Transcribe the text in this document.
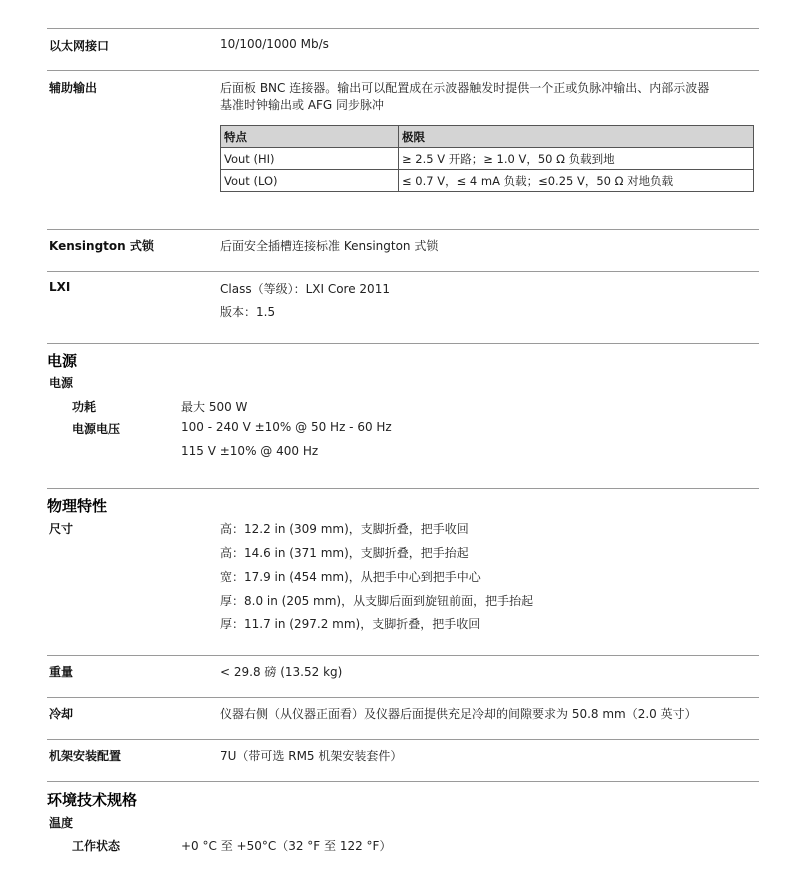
以太网接口	10/100/1000 Mb/s
辅助输出	后面板 BNC 连接器。输出可以配置成在示波器触发时提供一个正或负脉冲输出、内部示波器
基准时钟输出或 AFG 同步脉冲
特点	极限
Vout (HI)	≥ 2.5 V 开路；≥ 1.0 V，50 Ω 负载到地
Vout (LO)	≤ 0.7 V，≤ 4 mA 负载；≤0.25 V，50 Ω 对地负载
Kensington 式锁	后面安全插槽连接标准 Kensington 式锁
LXI	Class（等级）：LXI Core 2011
版本：1.5
电源
电源
功耗	最大 500 W
电源电压	100 - 240 V ±10% @ 50 Hz - 60 Hz
115 V ±10% @ 400 Hz
物理特性
尺寸	高：12.2 in (309 mm)，支脚折叠，把手收回
高：14.6 in (371 mm)，支脚折叠，把手抬起
宽：17.9 in (454 mm)，从把手中心到把手中心
厚：8.0 in (205 mm)，从支脚后面到旋钮前面，把手抬起
厚：11.7 in (297.2 mm)，支脚折叠，把手收回
重量	< 29.8 磅 (13.52 kg)
冷却	仪器右侧（从仪器正面看）及仪器后面提供充足冷却的间隙要求为 50.8 mm（2.0 英寸）
机架安装配置	7U（带可选 RM5 机架安装套件）
环境技术规格
温度
工作状态	+0 °C 至 +50°C（32 °F 至 122 °F）
